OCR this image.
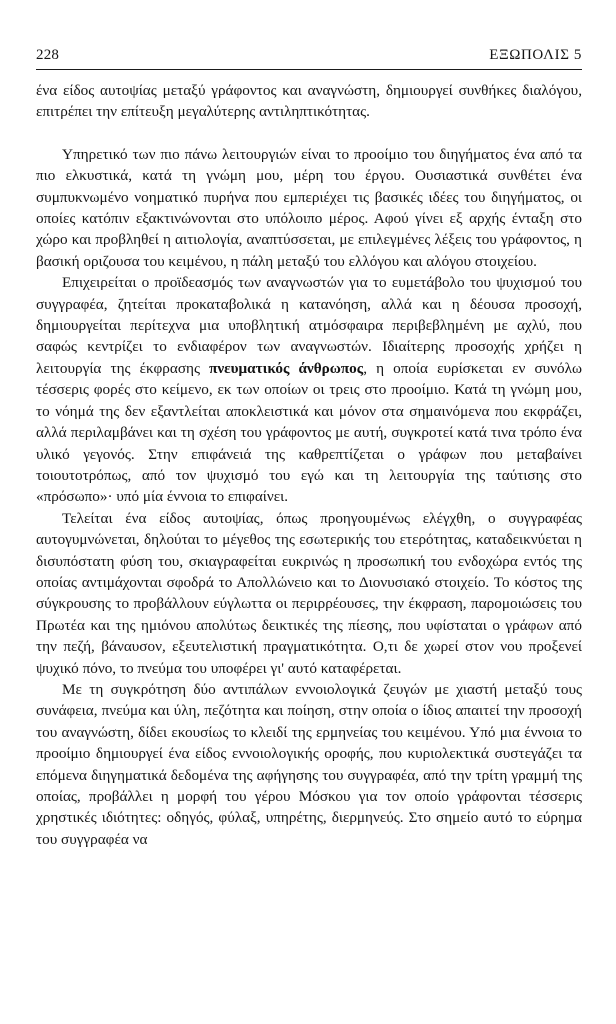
228	ΕΞΩΠΟΛΙΣ 5

ένα είδος αυτοψίας μεταξύ γράφοντος και αναγνώστη, δημιουργεί συνθήκες διαλόγου, επιτρέπει την επίτευξη μεγαλύτερης αντιληπτικότητας.

Υπηρετικό των πιο πάνω λειτουργιών είναι το προοίμιο του διηγήματος ένα από τα πιο ελκυστικά, κατά τη γνώμη μου, μέρη του έργου. Ουσιαστικά συνθέτει ένα συμπυκνωμένο νοηματικό πυρήνα που εμπεριέχει τις βασικές ιδέες του διηγήματος, οι οποίες κατόπιν εξακτινώνονται στο υπόλοιπο μέρος. Αφού γίνει εξ αρχής ένταξη στο χώρο και προβληθεί η αιτιολογία, αναπτύσσεται, με επιλεγμένες λέξεις του γράφοντος, η βασική οριζουσα του κειμένου, η πάλη μεταξύ του ελλόγου και αλόγου στοιχείου.

Επιχειρείται ο προϊδεασμός των αναγνωστών για το ευμετάβολο του ψυχισμού του συγγραφέα, ζητείται προκαταβολικά η κατανόηση, αλλά και η δέουσα προσοχή, δημιουργείται περίτεχνα μια υποβλητική ατμόσφαιρα περιβεβλημένη με αχλύ, που σαφώς κεντρίζει το ενδιαφέρον των αναγνωστών. Ιδιαίτερης προσοχής χρήζει η λειτουργία της έκφρασης πνευματικός άνθρωπος, η οποία ευρίσκεται εν συνόλω τέσσερις φορές στο κείμενο, εκ των οποίων οι τρεις στο προοίμιο. Κατά τη γνώμη μου, το νόημά της δεν εξαντλείται αποκλειστικά και μόνον στα σημαινόμενα που εκφράζει, αλλά περιλαμβάνει και τη σχέση του γράφοντος με αυτή, συγκροτεί κατά τινα τρόπο ένα υλικό γεγονός. Στην επιφάνειά της καθρεπτίζεται ο γράφων που μεταβαίνει τοιουτοτρόπως, από τον ψυχισμό του εγώ και τη λειτουργία της ταύτισης στο «πρόσωπο»· υπό μία έννοια το επιφαίνει.

Τελείται ένα είδος αυτοψίας, όπως προηγουμένως ελέγχθη, ο συγγραφέας αυτογυμνώνεται, δηλούται το μέγεθος της εσωτερικής του ετερότητας, καταδεικνύεται η δισυπόστατη φύση του, σκιαγραφείται ευκρινώς η προσωπική του ενδοχώρα εντός της οποίας αντιμάχονται σφοδρά το Απολλώνειο και το Διονυσιακό στοιχείο. Το κόστος της σύγκρουσης το προβάλλουν εύγλωττα οι περιρρέουσες, την έκφραση, παρομοιώσεις του Πρωτέα και της ημιόνου απολύτως δεικτικές της πίεσης, που υφίσταται ο γράφων από την πεζή, βάναυσον, εξευτελιστική πραγματικότητα. Ο,τι δε χωρεί στον νου προξενεί ψυχικό πόνο, το πνεύμα του υποφέρει γι' αυτό καταφέρεται.

Με τη συγκρότηση δύο αντιπάλων εννοιολογικά ζευγών με χιαστή μεταξύ τους συνάφεια, πνεύμα και ύλη, πεζότητα και ποίηση, στην οποία ο ίδιος απαιτεί την προσοχή του αναγνώστη, δίδει εκουσίως το κλειδί της ερμηνείας του κειμένου. Υπό μια έννοια το προοίμιο δημιουργεί ένα είδος εννοιολογικής οροφής, που κυριολεκτικά συστεγάζει τα επόμενα διηγηματικά δεδομένα της αφήγησης του συγγραφέα, από την τρίτη γραμμή της οποίας, προβάλλει η μορφή του γέρου Μόσκου για τον οποίο γράφονται τέσσερις χρηστικές ιδιότητες: οδηγός, φύλαξ, υπηρέτης, διερμηνεύς. Στο σημείο αυτό το εύρημα του συγγραφέα να
